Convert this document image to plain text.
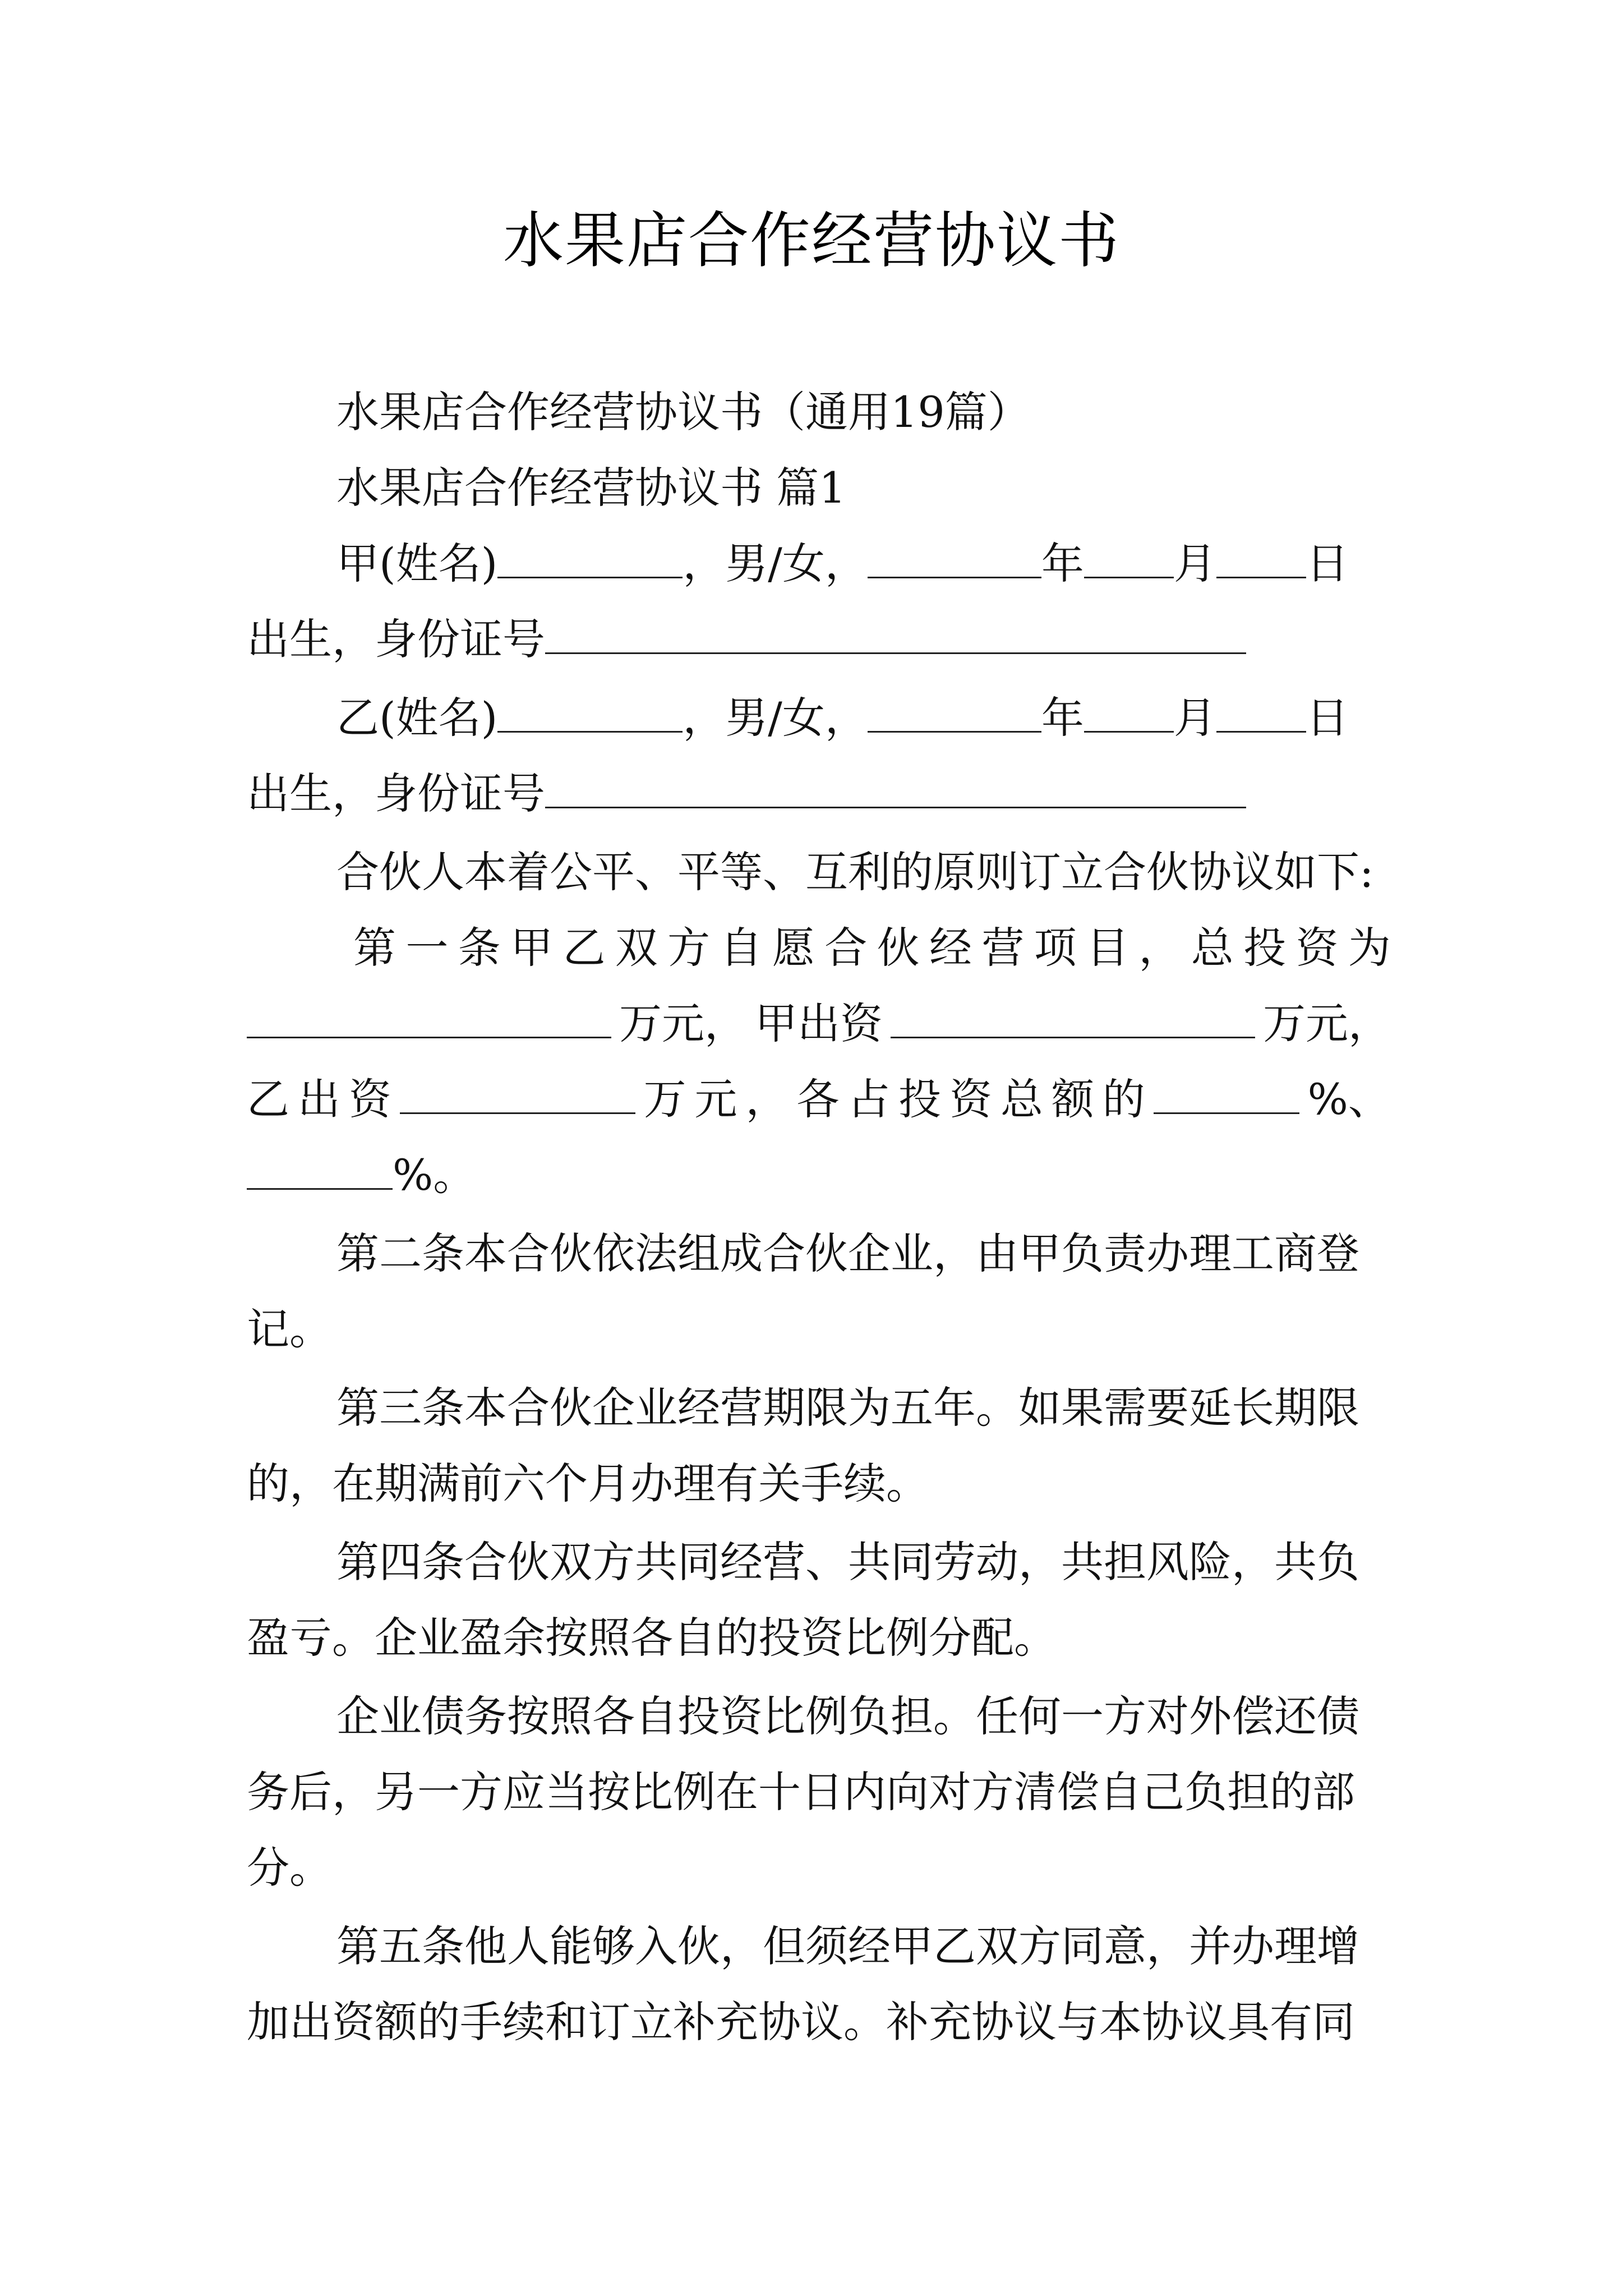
水果店合作经营协议书
水果店合作经营协议书（通用19篇）
水果店合作经营协议书 篇1
甲(姓名)	，男/女，	年 月 日
出生，身份证号
乙(姓名)	，男/女，	年 月 日
出生，身份证号
合伙人本着公平、平等、互利的原则订立合伙协议如下:
第 一 条 甲 乙 双 方 自 愿 合 伙 经 营 项 目 ， 总 投 资 为
万元， 甲出资	万元，
乙 出 资	万 元 ， 各 占 投 资 总 额 的	%、
%。
第二条本合伙依法组成合伙企业，由甲负责办理工商登
记。
第三条本合伙企业经营期限为五年。如果需要延长期限
的，在期满前六个月办理有关手续。
第四条合伙双方共同经营、共同劳动，共担风险，共负
盈亏。企业盈余按照各自的投资比例分配。
企业债务按照各自投资比例负担。任何一方对外偿还债
务后，另一方应当按比例在十日内向对方清偿自己负担的部
分。
第五条他人能够入伙，但须经甲乙双方同意，并办理增
加出资额的手续和订立补充协议。补充协议与本协议具有同
